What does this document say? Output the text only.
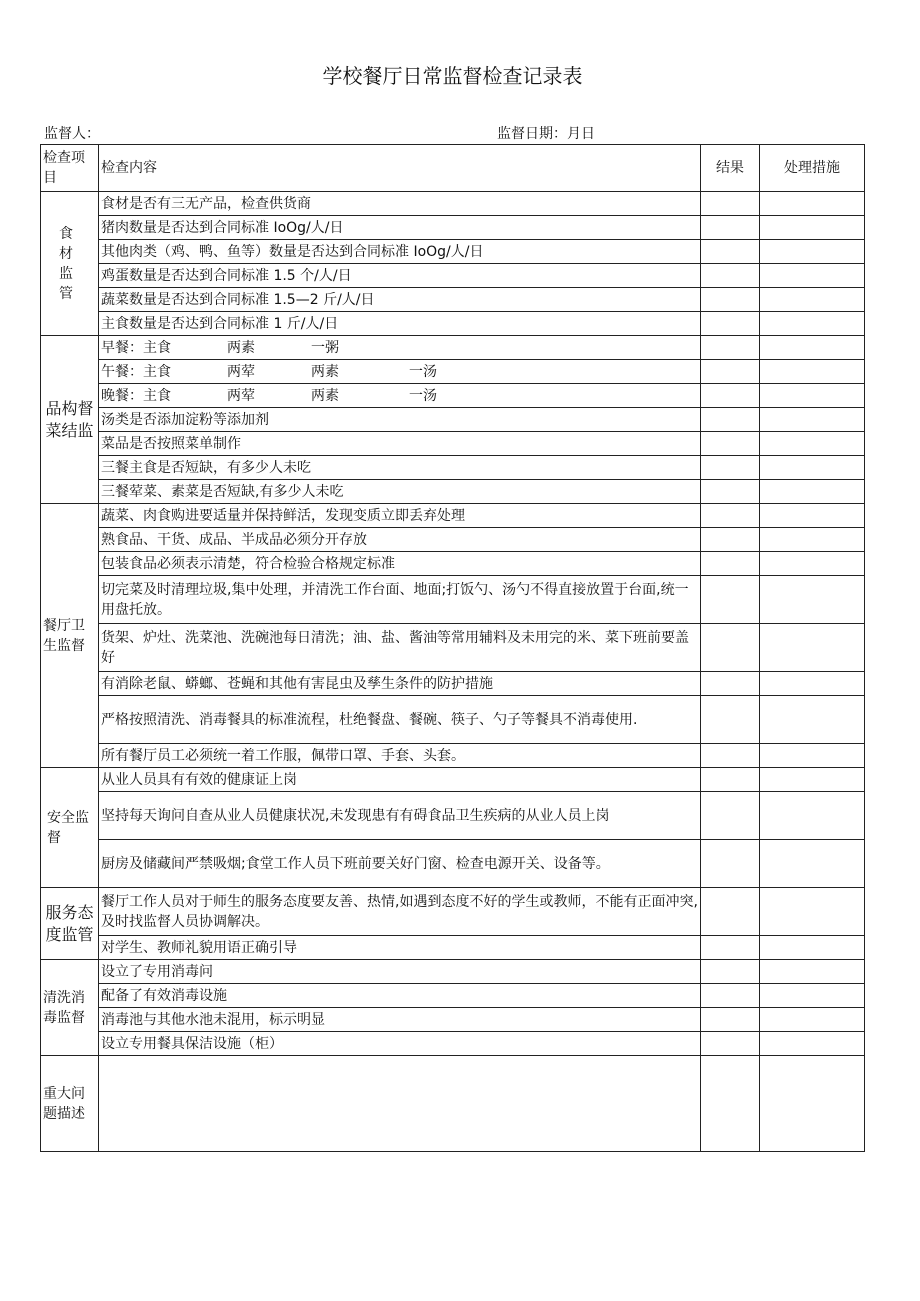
学校餐厅日常监督检查记录表
监督人：	监督日期：月日
检查项目	检查内容	结果	处理措施
食材监管	食材是否有三无产品，检查供货商		
	猪肉数量是否达到合同标准 IoOg/人/日		
	其他肉类（鸡、鸭、鱼等）数量是否达到合同标准 IoOg/人/日		
	鸡蛋数量是否达到合同标准 1.5 个/人/日		
	蔬菜数量是否达到合同标准 1.5—2 斤/人/日		
	主食数量是否达到合同标准 1 斤/人/日		
品构督菜结监	早餐：主食　　　　两素　　　　一粥		
	午餐：主食　　　　两荤　　　　两素　　　　　一汤		
	晚餐：主食　　　　两荤　　　　两素　　　　　一汤		
	汤类是否添加淀粉等添加剂		
	菜品是否按照菜单制作		
	三餐主食是否短缺，有多少人未吃		
	三餐荤菜、素菜是否短缺,有多少人未吃		
餐厅卫生监督	蔬菜、肉食购进要适量并保持鲜活，发现变质立即丢弃处理		
	熟食品、干货、成品、半成品必须分开存放		
	包装食品必须表示清楚，符合检验合格规定标准		
	切完菜及时清理垃圾,集中处理，并清洗工作台面、地面;打饭勺、汤勺不得直接放置于台面,统一用盘托放。		
	货架、炉灶、洗菜池、洗碗池每日清洗；油、盐、酱油等常用辅料及未用完的米、菜下班前要盖好		
	有消除老鼠、蟒螂、苍蝇和其他有害昆虫及孳生条件的防护措施		
	严格按照清洗、消毒餐具的标准流程，杜绝餐盘、餐碗、筷子、勺子等餐具不消毒使用.		
	所有餐厅员工必须统一着工作服，佩带口罩、手套、头套。		
安全监督	从业人员具有有效的健康证上岗		
	坚持每天询问自查从业人员健康状况,未发现患有有碍食品卫生疾病的从业人员上岗		
	厨房及储藏间严禁吸烟;食堂工作人员下班前要关好门窗、检查电源开关、设备等。		
服务态度监管	餐厅工作人员对于师生的服务态度要友善、热情,如遇到态度不好的学生或教师，不能有正面冲突,及时找监督人员协调解决。		
	对学生、教师礼貌用语正确引导		
清洗消毒监督	设立了专用消毒问		
	配备了有效消毒设施		
	消毒池与其他水池未混用，标示明显		
	设立专用餐具保洁设施（柜）		
重大问题描述			
